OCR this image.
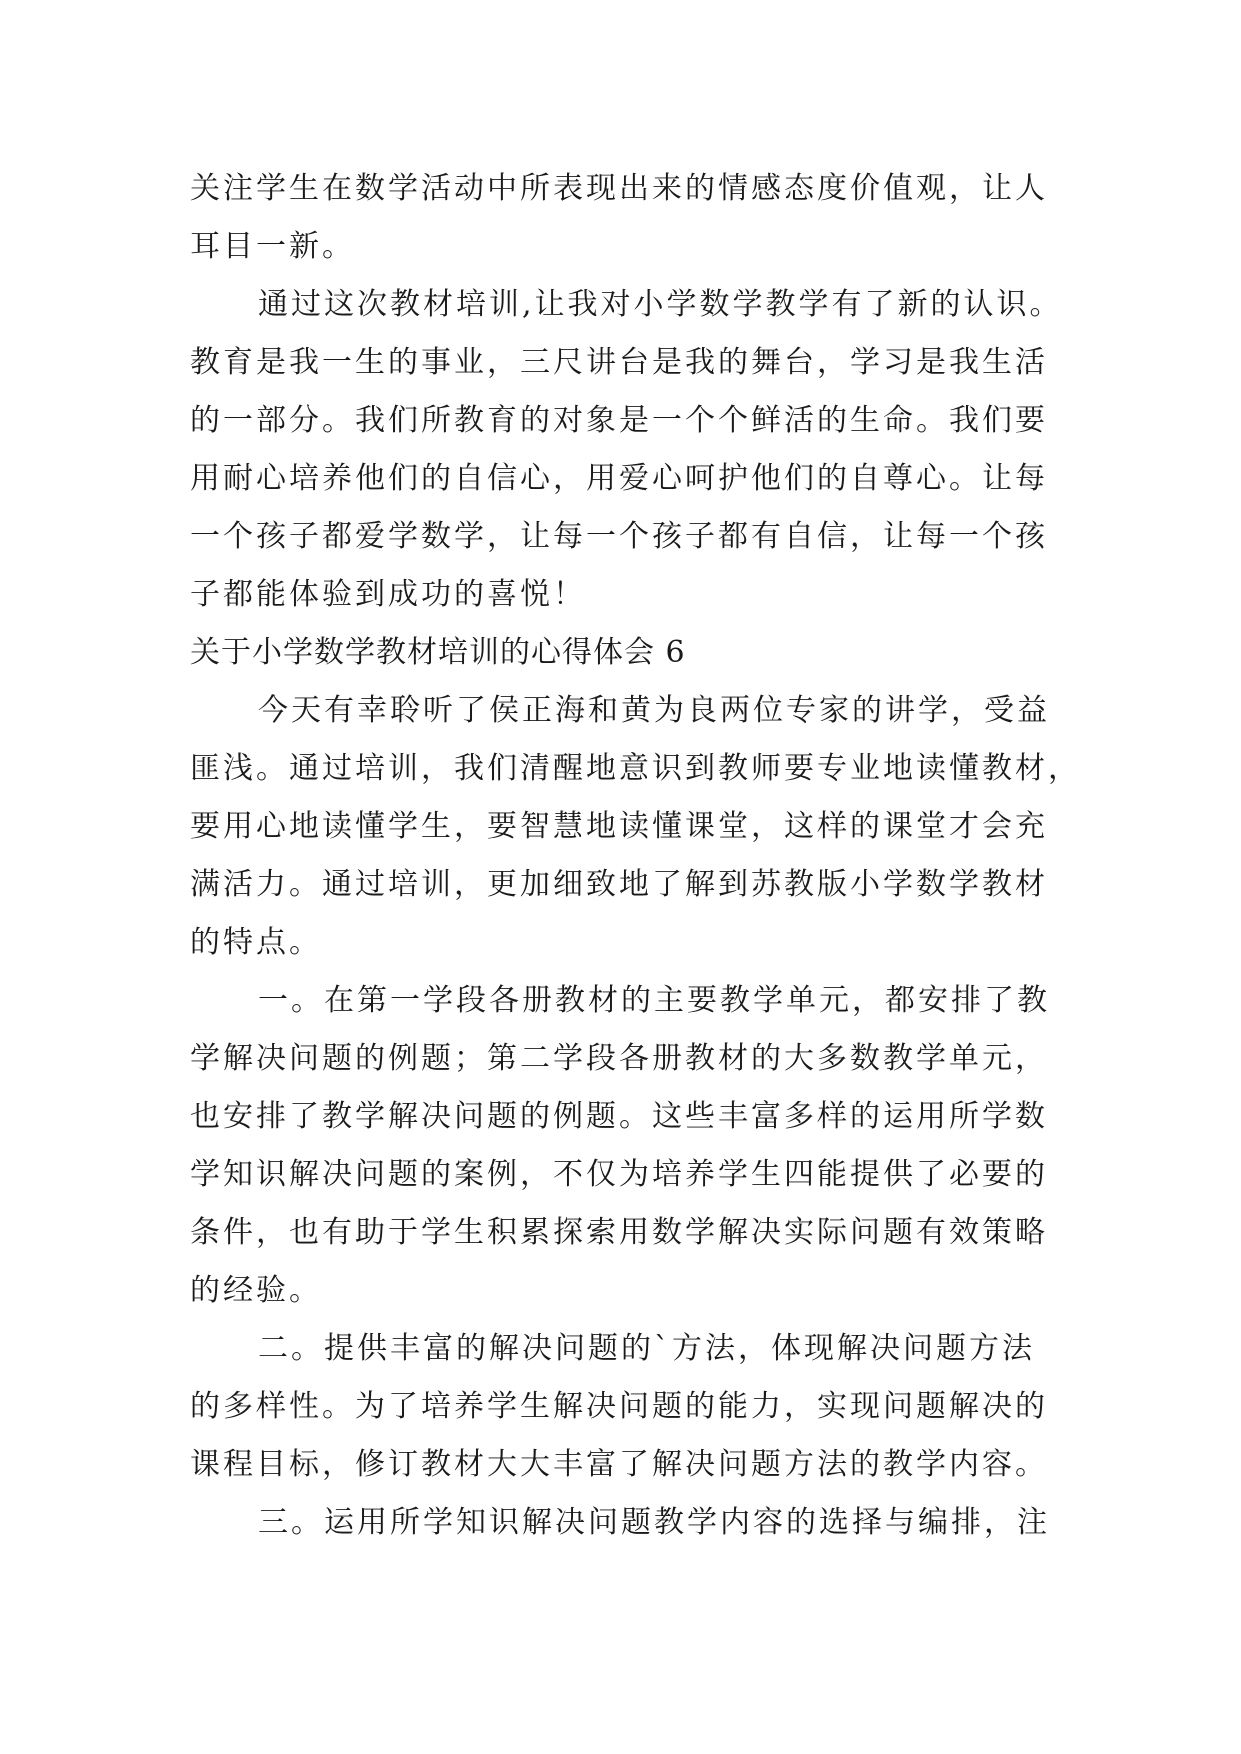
关注学生在数学活动中所表现出来的情感态度价值观，让人
耳目一新。
通过这次教材培训,让我对小学数学教学有了新的认识。
教育是我一生的事业，三尺讲台是我的舞台，学习是我生活
的一部分。我们所教育的对象是一个个鲜活的生命。我们要
用耐心培养他们的自信心，用爱心呵护他们的自尊心。让每
一个孩子都爱学数学，让每一个孩子都有自信，让每一个孩
子都能体验到成功的喜悦！
关于小学数学教材培训的心得体会 6
今天有幸聆听了侯正海和黄为良两位专家的讲学，受益
匪浅。通过培训，我们清醒地意识到教师要专业地读懂教材，
要用心地读懂学生，要智慧地读懂课堂，这样的课堂才会充
满活力。通过培训，更加细致地了解到苏教版小学数学教材
的特点。
一。在第一学段各册教材的主要教学单元，都安排了教
学解决问题的例题；第二学段各册教材的大多数教学单元，
也安排了教学解决问题的例题。这些丰富多样的运用所学数
学知识解决问题的案例，不仅为培养学生四能提供了必要的
条件，也有助于学生积累探索用数学解决实际问题有效策略
的经验。
二。提供丰富的解决问题的`方法，体现解决问题方法
的多样性。为了培养学生解决问题的能力，实现问题解决的
课程目标，修订教材大大丰富了解决问题方法的教学内容。
三。运用所学知识解决问题教学内容的选择与编排，注
